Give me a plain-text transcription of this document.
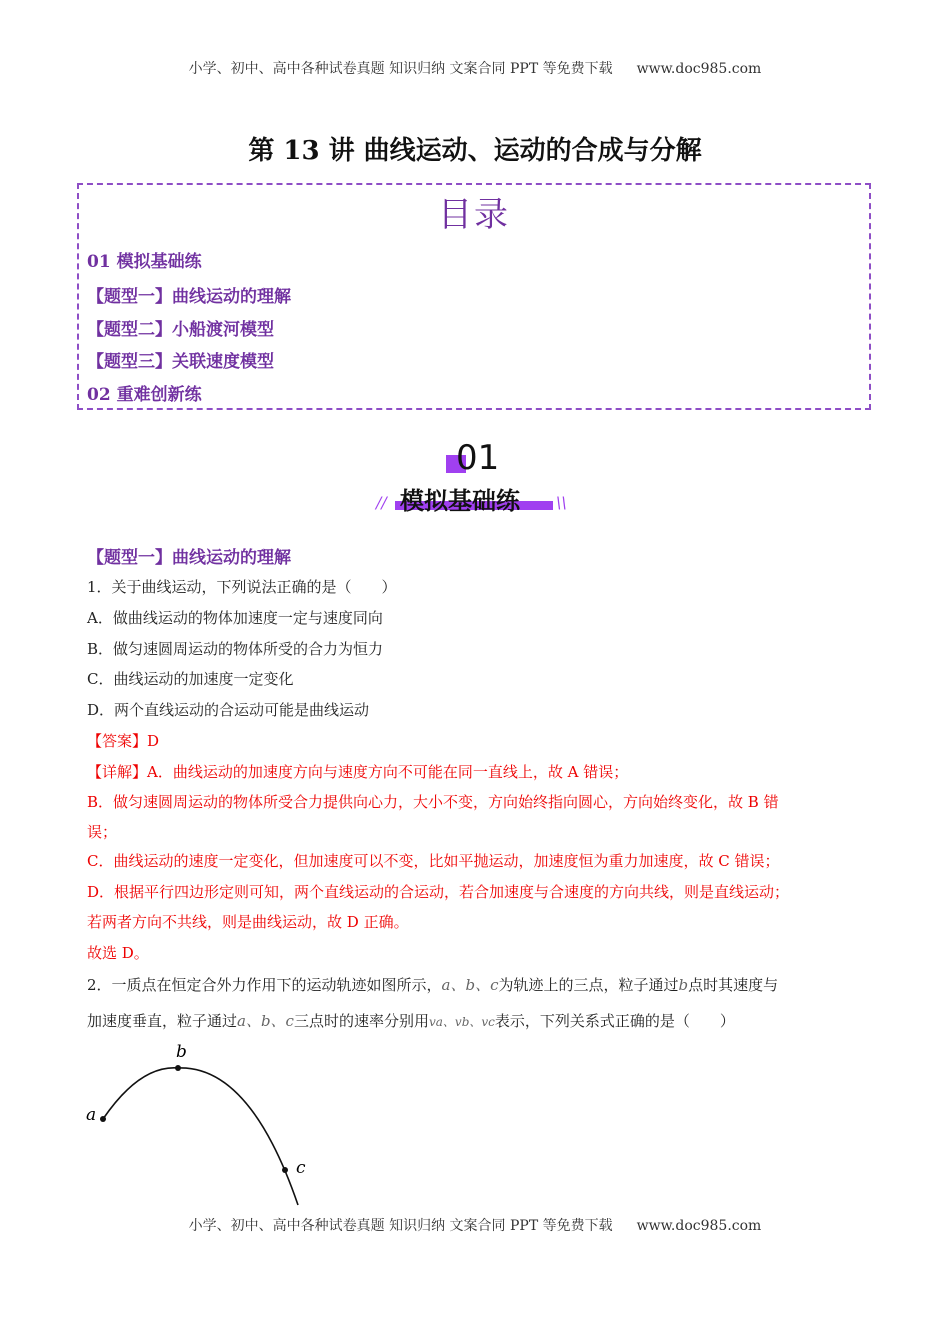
小学、初中、高中各种试卷真题 知识归纳 文案合同 PPT 等免费下载 www.doc985.com
第 13 讲 曲线运动、运动的合成与分解
目录
01 模拟基础练
【题型一】曲线运动的理解
【题型二】小船渡河模型
【题型三】关联速度模型
02 重难创新练
01
模拟基础练
//	\\
【题型一】曲线运动的理解
1．关于曲线运动，下列说法正确的是（　　）
A．做曲线运动的物体加速度一定与速度同向
B．做匀速圆周运动的物体所受的合力为恒力
C．曲线运动的加速度一定变化
D．两个直线运动的合运动可能是曲线运动
【答案】D
【详解】A．曲线运动的加速度方向与速度方向不可能在同一直线上，故 A 错误；
B．做匀速圆周运动的物体所受合力提供向心力，大小不变，方向始终指向圆心，方向始终变化，故 B 错
误；
C．曲线运动的速度一定变化，但加速度可以不变，比如平抛运动，加速度恒为重力加速度，故 C 错误；
D．根据平行四边形定则可知，两个直线运动的合运动，若合加速度与合速度的方向共线，则是直线运动；
若两者方向不共线，则是曲线运动，故 D 正确。
故选 D。
2．一质点在恒定合外力作用下的运动轨迹如图所示，a、b、c为轨迹上的三点，粒子通过b点时其速度与
加速度垂直，粒子通过a、b、c三点时的速率分别用va、vb、vc表示，下列关系式正确的是（　　）
a
b
c
小学、初中、高中各种试卷真题 知识归纳 文案合同 PPT 等免费下载 www.doc985.com
